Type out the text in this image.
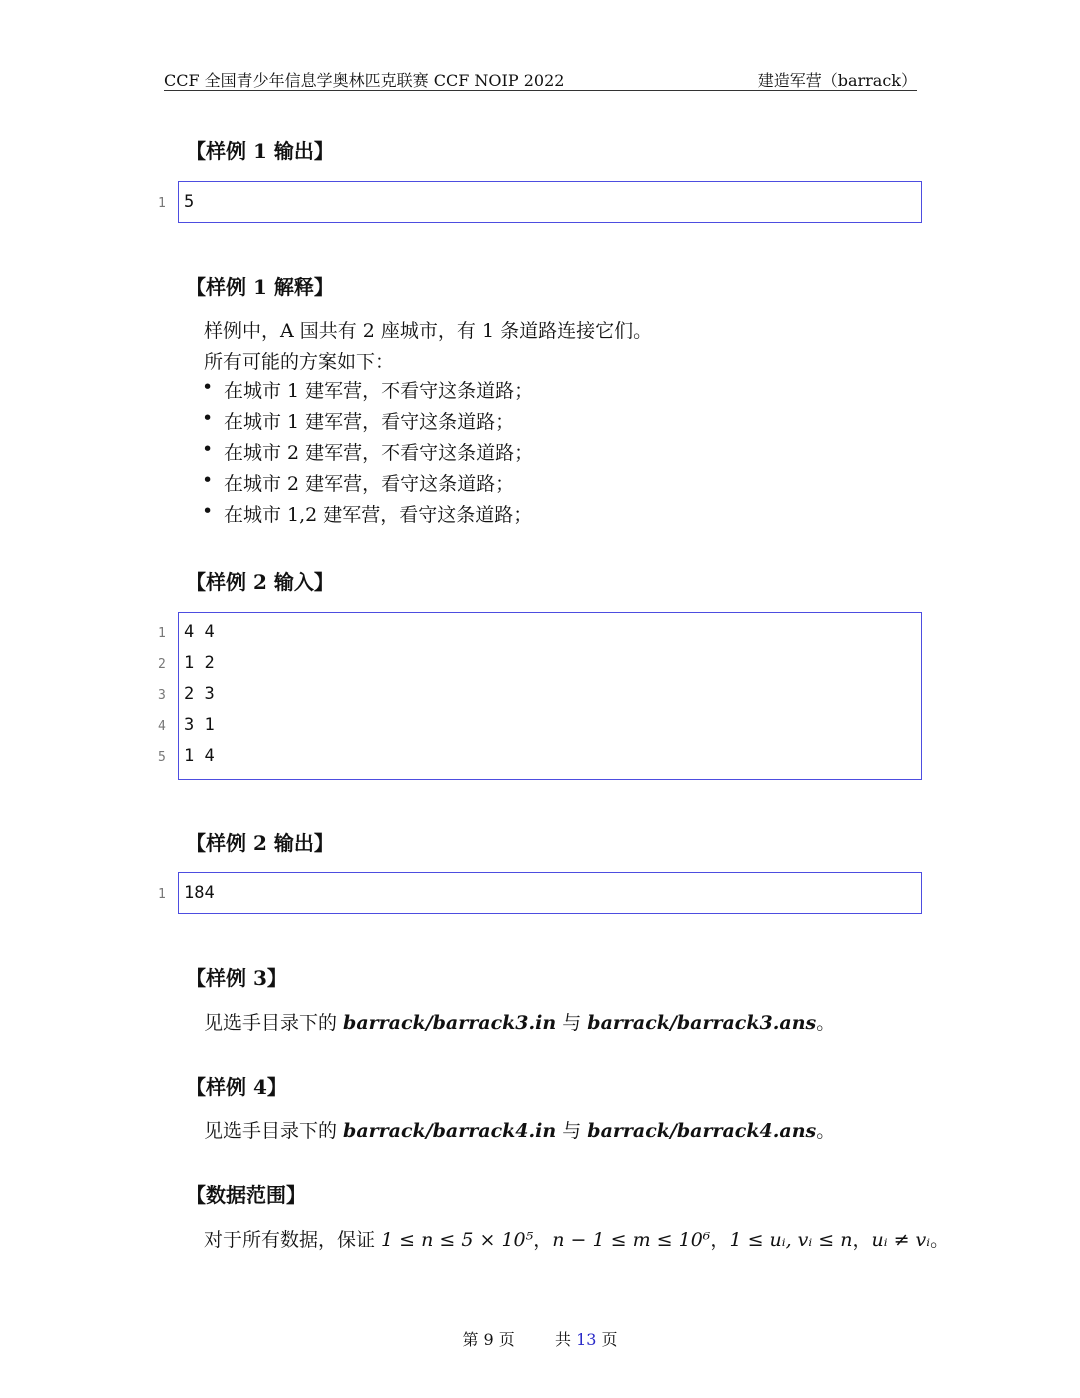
CCF 全国青少年信息学奥林匹克联赛 CCF NOIP 2022	建造军营（barrack）
【样例 1 输出】
1 5
【样例 1 解释】
样例中，A 国共有 2 座城市，有 1 条道路连接它们。
所有可能的方案如下：
• 在城市 1 建军营，不看守这条道路；
• 在城市 1 建军营，看守这条道路；
• 在城市 2 建军营，不看守这条道路；
• 在城市 2 建军营，看守这条道路；
• 在城市 1,2 建军营，看守这条道路；
【样例 2 输入】
1 4 4
2 1 2
3 2 3
4 3 1
5 1 4
【样例 2 输出】
1 184
【样例 3】
见选手目录下的 barrack/barrack3.in 与 barrack/barrack3.ans。
【样例 4】
见选手目录下的 barrack/barrack4.in 与 barrack/barrack4.ans。
【数据范围】
对于所有数据，保证 1 ≤ n ≤ 5 × 10⁵，n − 1 ≤ m ≤ 10⁶，1 ≤ uᵢ, vᵢ ≤ n，uᵢ ≠ vᵢ。
第 9 页	共 13 页
